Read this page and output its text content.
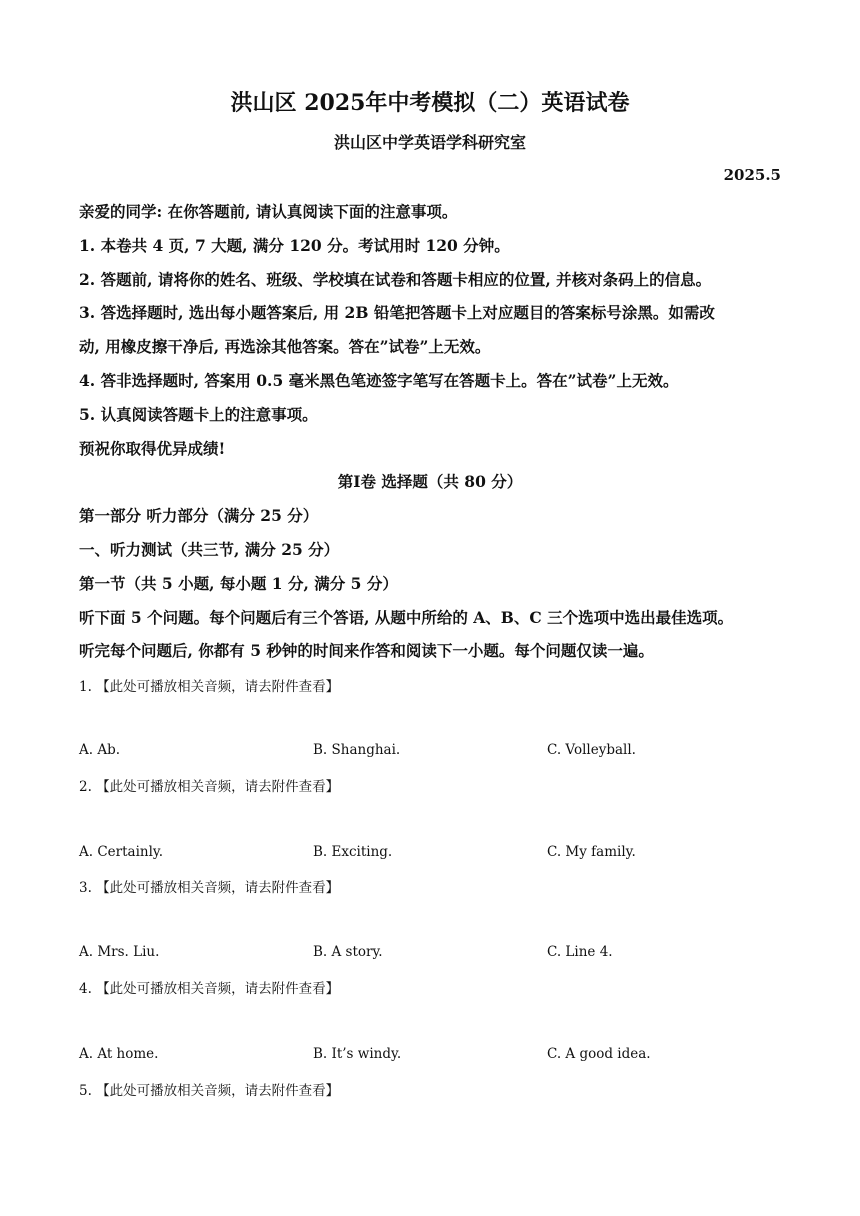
洪山区 2025年中考模拟（二）英语试卷
洪山区中学英语学科研究室
2025.5
亲爱的同学: 在你答题前, 请认真阅读下面的注意事项。
1. 本卷共 4 页, 7 大题, 满分 120 分。考试用时 120 分钟。
2. 答题前, 请将你的姓名、班级、学校填在试卷和答题卡相应的位置, 并核对条码上的信息。
3. 答选择题时, 选出每小题答案后, 用 2B 铅笔把答题卡上对应题目的答案标号涂黑。如需改
动, 用橡皮擦干净后, 再选涂其他答案。答在”试卷”上无效。
4. 答非选择题时, 答案用 0.5 毫米黑色笔迹签字笔写在答题卡上。答在”试卷”上无效。
5. 认真阅读答题卡上的注意事项。
预祝你取得优异成绩!
第Ⅰ卷 选择题（共 80 分）
第一部分 听力部分（满分 25 分）
一、听力测试（共三节, 满分 25 分）
第一节（共 5 小题, 每小题 1 分, 满分 5 分）
听下面 5 个问题。每个问题后有三个答语, 从题中所给的 A、B、C 三个选项中选出最佳选项。
听完每个问题后, 你都有 5 秒钟的时间来作答和阅读下一小题。每个问题仅读一遍。
1. 【此处可播放相关音频，请去附件查看】
A. Ab.	B. Shanghai.	C. Volleyball.
2. 【此处可播放相关音频，请去附件查看】
A. Certainly.	B. Exciting.	C. My family.
3. 【此处可播放相关音频，请去附件查看】
A. Mrs. Liu.	B. A story.	C. Line 4.
4. 【此处可播放相关音频，请去附件查看】
A. At home.	B. It’s windy.	C. A good idea.
5. 【此处可播放相关音频，请去附件查看】
